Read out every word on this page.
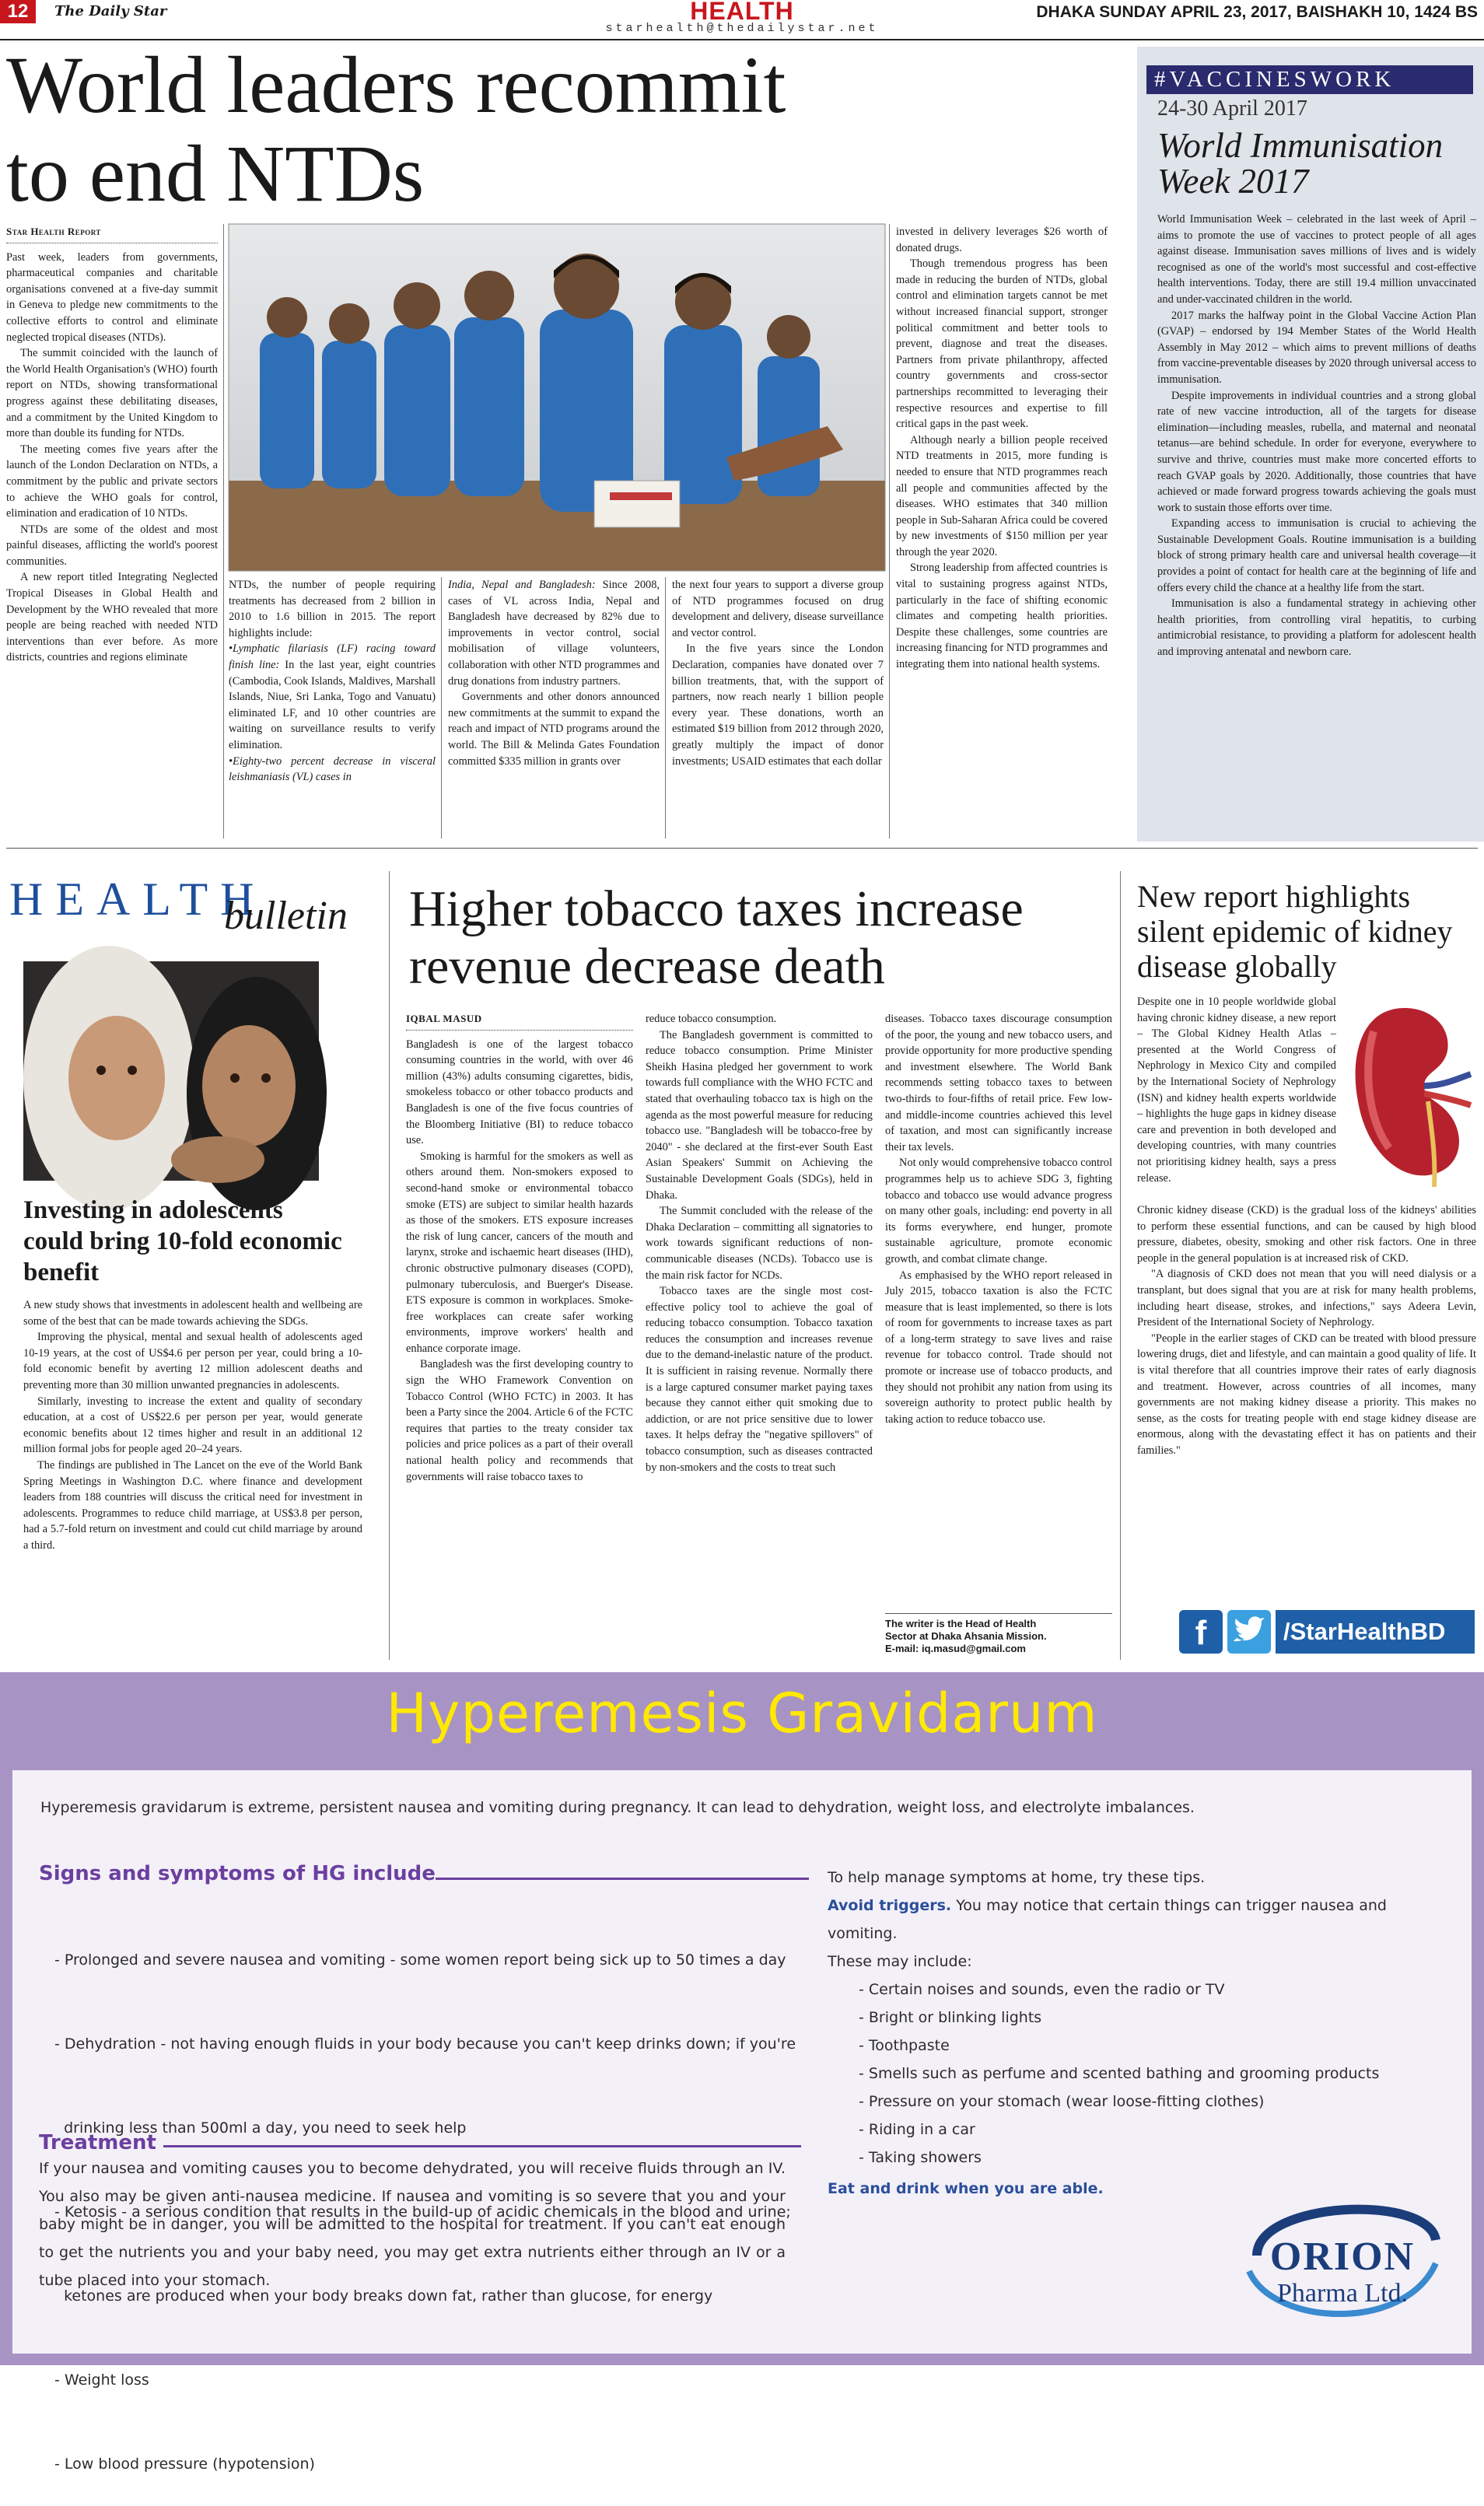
12	The Daily Star	HEALTH
starhealth@thedailystar.net
DHAKA SUNDAY APRIL 23, 2017, BAISHAKH 10, 1424 BS
World leaders recommit
to end NTDs
Star Health Report

Past week, leaders from governments, pharmaceutical companies and charitable organisations convened at a five-day summit in Geneva to pledge new commitments to the collective efforts to control and eliminate neglected tropical diseases (NTDs).

The summit coincided with the launch of the World Health Organisation's (WHO) fourth report on NTDs, showing transformational progress against these debilitating diseases, and a commitment by the United Kingdom to more than double its funding for NTDs.

The meeting comes five years after the launch of the London Declaration on NTDs, a commitment by the public and private sectors to achieve the WHO goals for control, elimination and eradication of 10 NTDs.

NTDs are some of the oldest and most painful diseases, afflicting the world's poorest communities.

A new report titled Integrating Neglected Tropical Diseases in Global Health and Development by the WHO revealed that more people are being reached with needed NTD interventions than ever before. As more districts, countries and regions eliminate

NTDs, the number of people requiring treatments has decreased from 2 billion in 2010 to 1.6 billion in 2015. The report highlights include:

•Lymphatic filariasis (LF) racing toward finish line: In the last year, eight countries (Cambodia, Cook Islands, Maldives, Marshall Islands, Niue, Sri Lanka, Togo and Vanuatu) eliminated LF, and 10 other countries are waiting on surveillance results to verify elimination.

•Eighty-two percent decrease in visceral leishmaniasis (VL) cases in

India, Nepal and Bangladesh: Since 2008, cases of VL across India, Nepal and Bangladesh have decreased by 82% due to improvements in vector control, social mobilisation of village volunteers, collaboration with other NTD programmes and drug donations from industry partners.

Governments and other donors announced new commitments at the summit to expand the reach and impact of NTD programs around the world. The Bill & Melinda Gates Foundation committed $335 million in grants over

the next four years to support a diverse group of NTD programmes focused on drug development and delivery, disease surveillance and vector control.

In the five years since the London Declaration, companies have donated over 7 billion treatments, that, with the support of partners, now reach nearly 1 billion people every year. These donations, worth an estimated $19 billion from 2012 through 2020, greatly multiply the impact of donor investments; USAID estimates that each dollar

invested in delivery leverages $26 worth of donated drugs.

Though tremendous progress has been made in reducing the burden of NTDs, global control and elimination targets cannot be met without increased financial support, stronger political commitment and better tools to prevent, diagnose and treat the diseases. Partners from private philanthropy, affected country governments and cross-sector partnerships recommitted to leveraging their respective resources and expertise to fill critical gaps in the past week.

Although nearly a billion people received NTD treatments in 2015, more funding is needed to ensure that NTD programmes reach all people and communities affected by the diseases. WHO estimates that 340 million people in Sub-Saharan Africa could be covered by new investments of $150 million per year through the year 2020.

Strong leadership from affected countries is vital to sustaining progress against NTDs, particularly in the face of shifting economic climates and competing health priorities. Despite these challenges, some countries are increasing financing for NTD programmes and integrating them into national health systems.

#VACCINESWORK
24-30 April 2017
World Immunisation Week 2017

World Immunisation Week – celebrated in the last week of April – aims to promote the use of vaccines to protect people of all ages against disease. Immunisation saves millions of lives and is widely recognised as one of the world's most successful and cost-effective health interventions. Today, there are still 19.4 million unvaccinated and under-vaccinated children in the world.

2017 marks the halfway point in the Global Vaccine Action Plan (GVAP) – endorsed by 194 Member States of the World Health Assembly in May 2012 – which aims to prevent millions of deaths from vaccine-preventable diseases by 2020 through universal access to immunisation.

Despite improvements in individual countries and a strong global rate of new vaccine introduction, all of the targets for disease elimination—including measles, rubella, and maternal and neonatal tetanus—are behind schedule. In order for everyone, everywhere to survive and thrive, countries must make more concerted efforts to reach GVAP goals by 2020. Additionally, those countries that have achieved or made forward progress towards achieving the goals must work to sustain those efforts over time.

Expanding access to immunisation is crucial to achieving the Sustainable Development Goals. Routine immunisation is a building block of strong primary health care and universal health coverage—it provides a point of contact for health care at the beginning of life and offers every child the chance at a healthy life from the start.

Immunisation is also a fundamental strategy in achieving other health priorities, from controlling viral hepatitis, to curbing antimicrobial resistance, to providing a platform for adolescent health and improving antenatal and newborn care.

HEALTH
bulletin
Investing in adolescents could bring 10-fold economic benefit

A new study shows that investments in adolescent health and wellbeing are some of the best that can be made towards achieving the SDGs.

Improving the physical, mental and sexual health of adolescents aged 10-19 years, at the cost of US$4.6 per person per year, could bring a 10-fold economic benefit by averting 12 million adolescent deaths and preventing more than 30 million unwanted pregnancies in adolescents.

Similarly, investing to increase the extent and quality of secondary education, at a cost of US$22.6 per person per year, would generate economic benefits about 12 times higher and result in an additional 12 million formal jobs for people aged 20–24 years.

The findings are published in The Lancet on the eve of the World Bank Spring Meetings in Washington D.C. where finance and development leaders from 188 countries will discuss the critical need for investment in adolescents. Programmes to reduce child marriage, at US$3.8 per person, had a 5.7-fold return on investment and could cut child marriage by around a third.

Higher tobacco taxes increase
revenue decrease death
IQBAL MASUD

Bangladesh is one of the largest tobacco consuming countries in the world, with over 46 million (43%) adults consuming cigarettes, bidis, smokeless tobacco or other tobacco products and Bangladesh is one of the five focus countries of the Bloomberg Initiative (BI) to reduce tobacco use.

Smoking is harmful for the smokers as well as others around them. Non-smokers exposed to second-hand smoke or environmental tobacco smoke (ETS) are subject to similar health hazards as those of the smokers. ETS exposure increases the risk of lung cancer, cancers of the mouth and larynx, stroke and ischaemic heart diseases (IHD), chronic obstructive pulmonary diseases (COPD), pulmonary tuberculosis, and Buerger's Disease. ETS exposure is common in workplaces. Smoke-free workplaces can create safer working environments, improve workers' health and enhance corporate image.

Bangladesh was the first developing country to sign the WHO Framework Convention on Tobacco Control (WHO FCTC) in 2003. It has been a Party since the 2004. Article 6 of the FCTC requires that parties to the treaty consider tax policies and price polices as a part of their overall national health policy and recommends that governments will raise tobacco taxes to

reduce tobacco consumption.

The Bangladesh government is committed to reduce tobacco consumption. Prime Minister Sheikh Hasina pledged her government to work towards full compliance with the WHO FCTC and stated that overhauling tobacco tax is high on the agenda as the most powerful measure for reducing tobacco use. "Bangladesh will be tobacco-free by 2040" - she declared at the first-ever South East Asian Speakers' Summit on Achieving the Sustainable Development Goals (SDGs), held in Dhaka.

The Summit concluded with the release of the Dhaka Declaration – committing all signatories to work towards significant reductions of non-communicable diseases (NCDs). Tobacco use is the main risk factor for NCDs.

Tobacco taxes are the single most cost-effective policy tool to achieve the goal of reducing tobacco consumption. Tobacco taxation reduces the consumption and increases revenue due to the demand-inelastic nature of the product. It is sufficient in raising revenue. Normally there is a large captured consumer market paying taxes because they cannot either quit smoking due to addiction, or are not price sensitive due to lower taxes. It helps defray the "negative spillovers" of tobacco consumption, such as diseases contracted by non-smokers and the costs to treat such

diseases. Tobacco taxes discourage consumption of the poor, the young and new tobacco users, and provide opportunity for more productive spending and investment elsewhere. The World Bank recommends setting tobacco taxes to between two-thirds to four-fifths of retail price. Few low- and middle-income countries achieved this level of taxation, and most can significantly increase their tax levels.

Not only would comprehensive tobacco control programmes help us to achieve SDG 3, fighting tobacco and tobacco use would advance progress on many other goals, including: end poverty in all its forms everywhere, end hunger, promote sustainable agriculture, promote economic growth, and combat climate change.

As emphasised by the WHO report released in July 2015, tobacco taxation is also the FCTC measure that is least implemented, so there is lots of room for governments to increase taxes as part of a long-term strategy to save lives and raise revenue for tobacco control. Trade should not promote or increase use of tobacco products, and they should not prohibit any nation from using its sovereign authority to protect public health by taking action to reduce tobacco use.

The writer is the Head of Health
Sector at Dhaka Ahsania Mission.
E-mail: iq.masud@gmail.com
New report highlights silent epidemic of kidney disease globally

Despite one in 10 people worldwide global having chronic kidney disease, a new report – The Global Kidney Health Atlas – presented at the World Congress of Nephrology in Mexico City and compiled by the International Society of Nephrology (ISN) and kidney health experts worldwide – highlights the huge gaps in kidney disease care and prevention in both developed and developing countries, with many countries not prioritising kidney health, says a press release.

Chronic kidney disease (CKD) is the gradual loss of the kidneys' abilities to perform these essential functions, and can be caused by high blood pressure, diabetes, obesity, smoking and other risk factors. One in three people in the general population is at increased risk of CKD.

"A diagnosis of CKD does not mean that you will need dialysis or a transplant, but does signal that you are at risk for many health problems, including heart disease, strokes, and infections," says Adeera Levin, President of the International Society of Nephrology.

"People in the earlier stages of CKD can be treated with blood pressure lowering drugs, diet and lifestyle, and can maintain a good quality of life. It is vital therefore that all countries improve their rates of early diagnosis and treatment. However, across countries of all incomes, many governments are not making kidney disease a priority. This makes no sense, as the costs for treating people with end stage kidney disease are enormous, along with the devastating effect it has on patients and their families."

f	/StarHealthBD
Hyperemesis Gravidarum
Hyperemesis gravidarum is extreme, persistent nausea and vomiting during pregnancy. It can lead to dehydration, weight loss, and electrolyte imbalances.
Signs and symptoms of HG include

- Prolonged and severe nausea and vomiting - some women report being sick up to 50 times a day

- Dehydration - not having enough fluids in your body because you can't keep drinks down; if you're

drinking less than 500ml a day, you need to seek help

- Ketosis - a serious condition that results in the build-up of acidic chemicals in the blood and urine;

ketones are produced when your body breaks down fat, rather than glucose, for energy

- Weight loss

- Low blood pressure (hypotension)

Treatment
If your nausea and vomiting causes you to become dehydrated, you will receive fluids through an IV. You also may be given anti-nausea medicine. If nausea and vomiting is so severe that you and your baby might be in danger, you will be admitted to the hospital for treatment. If you can't eat enough to get the nutrients you and your baby need, you may get extra nutrients either through an IV or a tube placed into your stomach.
To help manage symptoms at home, try these tips.
Avoid triggers. You may notice that certain things can trigger nausea and vomiting.
These may include:
- Certain noises and sounds, even the radio or TV
- Bright or blinking lights
- Toothpaste
- Smells such as perfume and scented bathing and grooming products
- Pressure on your stomach (wear loose-fitting clothes)
- Riding in a car
- Taking showers
Eat and drink when you are able.
ORION
Pharma Ltd.
